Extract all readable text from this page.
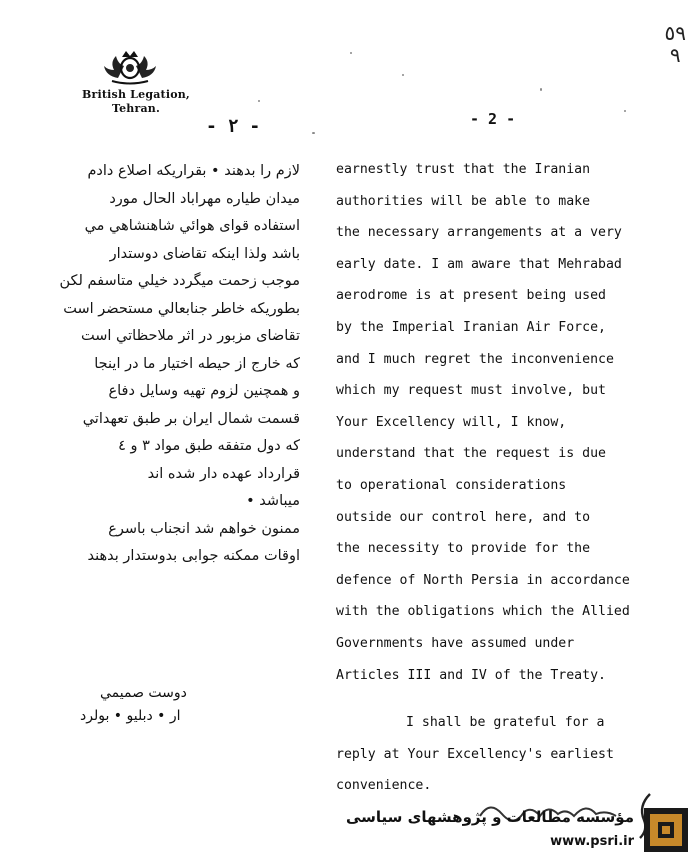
٥٩
٩
British Legation,
Tehran.
- ٢ -	- 2 -
لازم را بدهند • بقراریکه اصلاع دادم
میدان طیاره مهراباد الحال مورد
استفاده قوای هوائي شاهنشاهي مي
باشد ولذا اینکه تقاضای دوستدار
موجب زحمت میگردد خیلي متاسفم لکن
بطوریکه خاطر جنابعالي مستحضر است
تقاضای مزبور در اثر ملاحظاتي است
که خارج از حیطه اختیار ما در اینجا
و همچنین لزوم تهیه وسایل دفاع
قسمت شمال ایران بر طبق تعهداتي
که دول متفقه طبق مواد ۳ و ٤
قرارداد عهده دار شده اند
میباشد •
ممنون خواهم شد انجناب باسرع
اوقات ممکنه جوابی بدوستدار بدهند
دوست صمیمي
ار • دبلیو • بولرد
earnestly trust that the Iranian
authorities will be able to make
the necessary arrangements at a very
early date. I am aware that Mehrabad
aerodrome is at present being used
by the Imperial Iranian Air Force,
and I much regret the inconvenience
which my request must involve, but
Your Excellency will, I know,
understand that the request is due
to operational considerations
outside our control here, and to
the necessity to provide for the
defence of North Persia in accordance
with the obligations which the Allied
Governments have assumed under
Articles III and IV of the Treaty.
I shall be grateful for a
reply at Your Excellency's earliest
convenience.
مؤسسه مطالعات و پژوهشهای سیاسی
www.psri.ir
